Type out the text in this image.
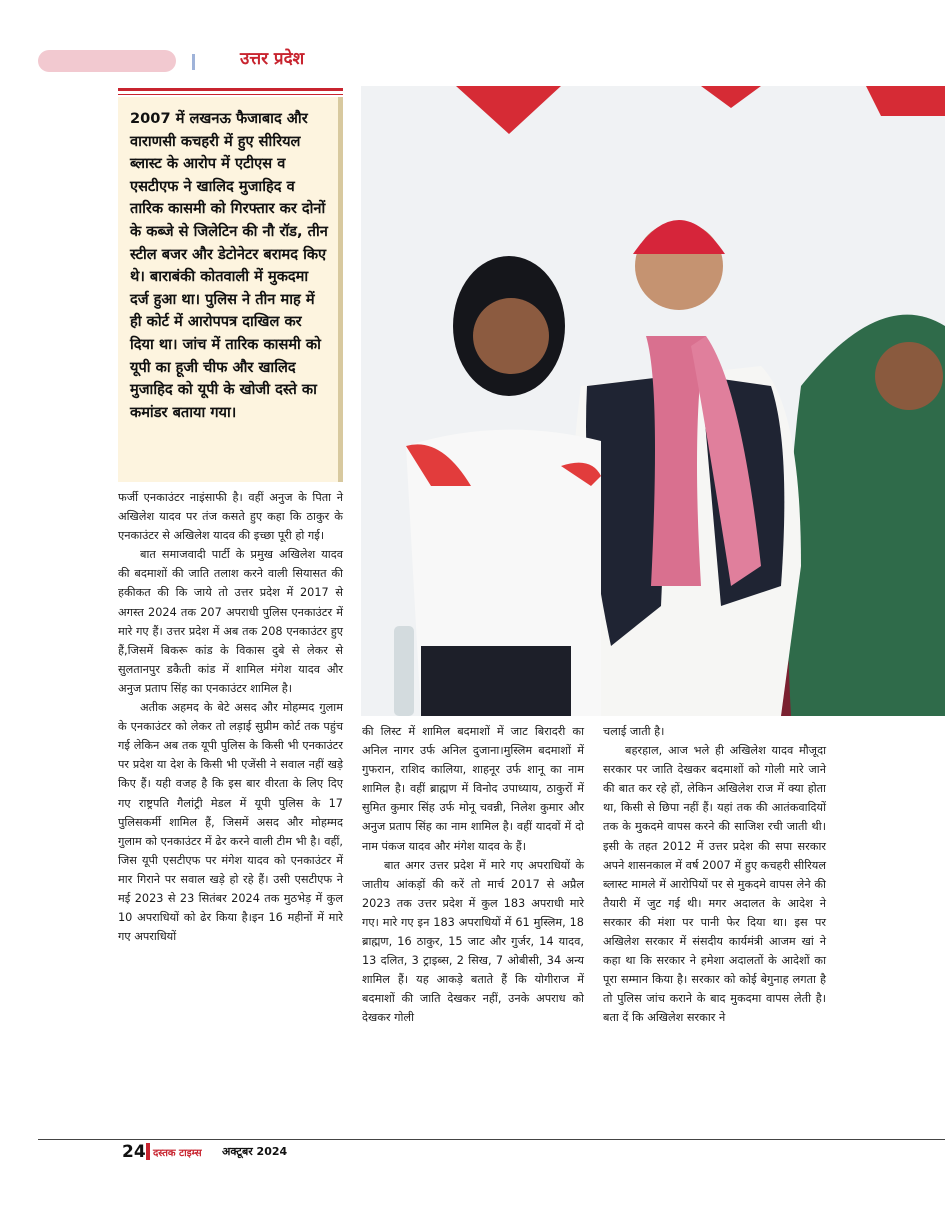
उत्तर प्रदेश
2007 में लखनऊ फैजाबाद और वाराणसी कचहरी में हुए सीरियल ब्लास्ट के आरोप में एटीएस व एसटीएफ ने खालिद मुजाहिद व तारिक कासमी को गिरफ्तार कर दोनों के कब्जे से जिलेटिन की नौ रॉड, तीन स्टील बजर और डेटोनेटर बरामद किए थे। बाराबंकी कोतवाली में मुकदमा दर्ज हुआ था। पुलिस ने तीन माह में ही कोर्ट में आरोपपत्र दाखिल कर दिया था। जांच में तारिक कासमी को यूपी का हूजी चीफ और खालिद मुजाहिद को यूपी के खोजी दस्ते का कमांडर बताया गया।

फर्जी एनकाउंटर नाइंसाफी है। वहीं अनुज के पिता ने अखिलेश यादव पर तंज कसते हुए कहा कि ठाकुर के एनकाउंटर से अखिलेश यादव की इच्छा पूरी हो गई।

बात समाजवादी पार्टी के प्रमुख अखिलेश यादव की बदमाशों की जाति तलाश करने वाली सियासत की हकीकत की कि जाये तो उत्तर प्रदेश में 2017 से अगस्त 2024 तक 207 अपराधी पुलिस एनकाउंटर में मारे गए हैं। उत्तर प्रदेश में अब तक 208 एनकाउंटर हुए हैं,जिसमें बिकरू कांड के विकास दुबे से लेकर से सुलतानपुर डकैती कांड में शामिल मंगेश यादव और अनुज प्रताप सिंह का एनकाउंटर शामिल है।

अतीक अहमद के बेटे असद और मोहम्मद गुलाम के एनकाउंटर को लेकर तो लड़ाई सुप्रीम कोर्ट तक पहुंच गई लेकिन अब तक यूपी पुलिस के किसी भी एनकाउंटर पर प्रदेश या देश के किसी भी एजेंसी ने सवाल नहीं खड़े किए हैं। यही वजह है कि इस बार वीरता के लिए दिए गए राष्ट्रपति गैलांट्री मेडल में यूपी पुलिस के 17 पुलिसकर्मी शामिल हैं, जिसमें असद और मोहम्मद गुलाम को एनकाउंटर में ढेर करने वाली टीम भी है। वहीं, जिस यूपी एसटीएफ पर मंगेश यादव को एनकाउंटर में मार गिराने पर सवाल खड़े हो रहे हैं। उसी एसटीएफ ने मई 2023 से 23 सितंबर 2024 तक मुठभेड़ में कुल 10 अपराधियों को ढेर किया है।इन 16 महीनों में मारे गए अपराधियों

की लिस्ट में शामिल बदमाशों में जाट बिरादरी का अनिल नागर उर्फ अनिल दुजाना।मुस्लिम बदमाशों में गुफरान, राशिद कालिया, शाहनूर उर्फ शानू का नाम शामिल है। वहीं ब्राह्मण में विनोद उपाध्याय, ठाकुरों में सुमित कुमार सिंह उर्फ मोनू चवन्नी, निलेश कुमार और अनुज प्रताप सिंह का नाम शामिल है। वहीं यादवों में दो नाम पंकज यादव और मंगेश यादव के हैं।

बात अगर उत्तर प्रदेश में मारे गए अपराधियों के जातीय आंकड़ों की करें तो मार्च 2017 से अप्रैल 2023 तक उत्तर प्रदेश में कुल 183 अपराधी मारे गए। मारे गए इन 183 अपराधियों में 61 मुस्लिम, 18 ब्राह्मण, 16 ठाकुर, 15 जाट और गुर्जर, 14 यादव, 13 दलित, 3 ट्राइब्स, 2 सिख, 7 ओबीसी, 34 अन्य शामिल हैं। यह आकड़े बताते हैं कि योगीराज में बदमाशों की जाति देखकर नहीं, उनके अपराध को देखकर गोली

चलाई जाती है।

बहरहाल, आज भले ही अखिलेश यादव मौजूदा सरकार पर जाति देखकर बदमाशों को गोली मारे जाने की बात कर रहे हों, लेकिन अखिलेश राज में क्या होता था, किसी से छिपा नहीं हैं। यहां तक की आतंकवादियों तक के मुकदमे वापस करने की साजिश रची जाती थी। इसी के तहत 2012 में उत्तर प्रदेश की सपा सरकार अपने शासनकाल में वर्ष 2007 में हुए कचहरी सीरियल ब्लास्ट मामले में आरोपियों पर से मुकदमे वापस लेने की तैयारी में जुट गई थी। मगर अदालत के आदेश ने सरकार की मंशा पर पानी फेर दिया था। इस पर अखिलेश सरकार में संसदीय कार्यमंत्री आजम खां ने कहा था कि सरकार ने हमेशा अदालतों के आदेशों का पूरा सम्मान किया है। सरकार को कोई बेगुनाह लगता है तो पुलिस जांच कराने के बाद मुकदमा वापस लेती है। बता दें कि अखिलेश सरकार ने

24 दस्तक टाइम्स अक्टूबर 2024
